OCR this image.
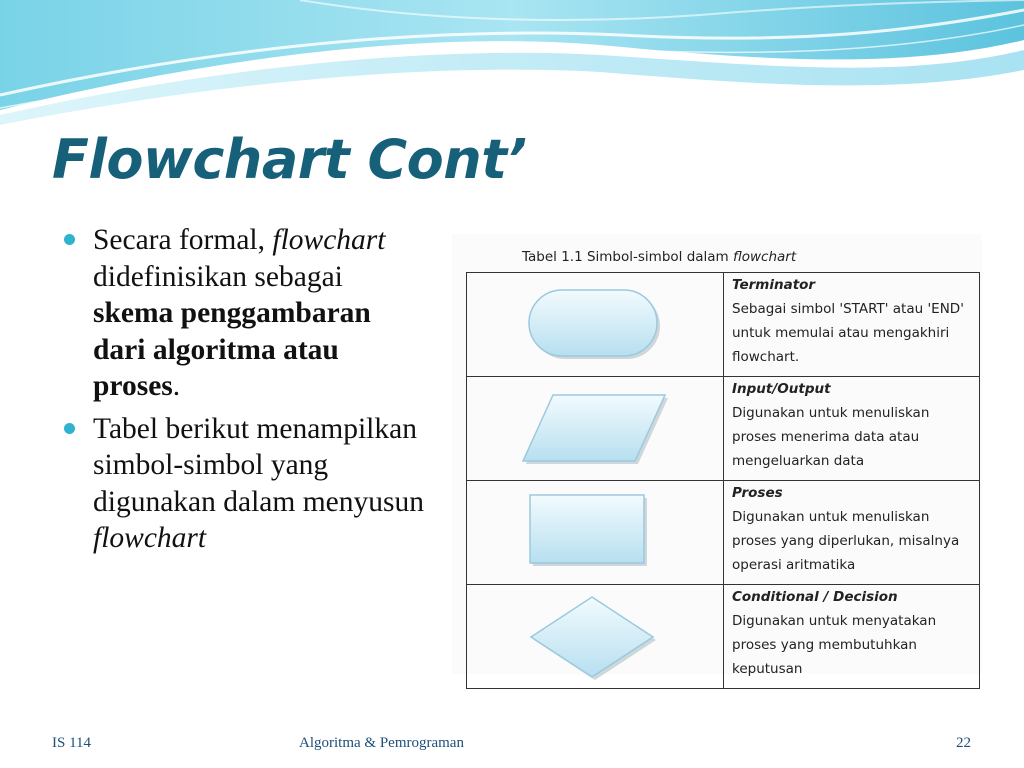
Flowchart Cont’
Secara formal, flowchart didefinisikan sebagai skema penggambaran dari algoritma atau proses.
Tabel berikut menampilkan simbol-simbol yang digunakan dalam menyusun flowchart
Tabel 1.1 Simbol-simbol dalam flowchart

Terminator
Sebagai simbol 'START' atau 'END' untuk memulai atau mengakhiri flowchart.

Input/Output
Digunakan untuk menuliskan proses menerima data atau mengeluarkan data

Proses
Digunakan untuk menuliskan proses yang diperlukan, misalnya operasi aritmatika

Conditional / Decision
Digunakan untuk menyatakan proses yang membutuhkan keputusan
IS 114	Algoritma & Pemrograman	22
